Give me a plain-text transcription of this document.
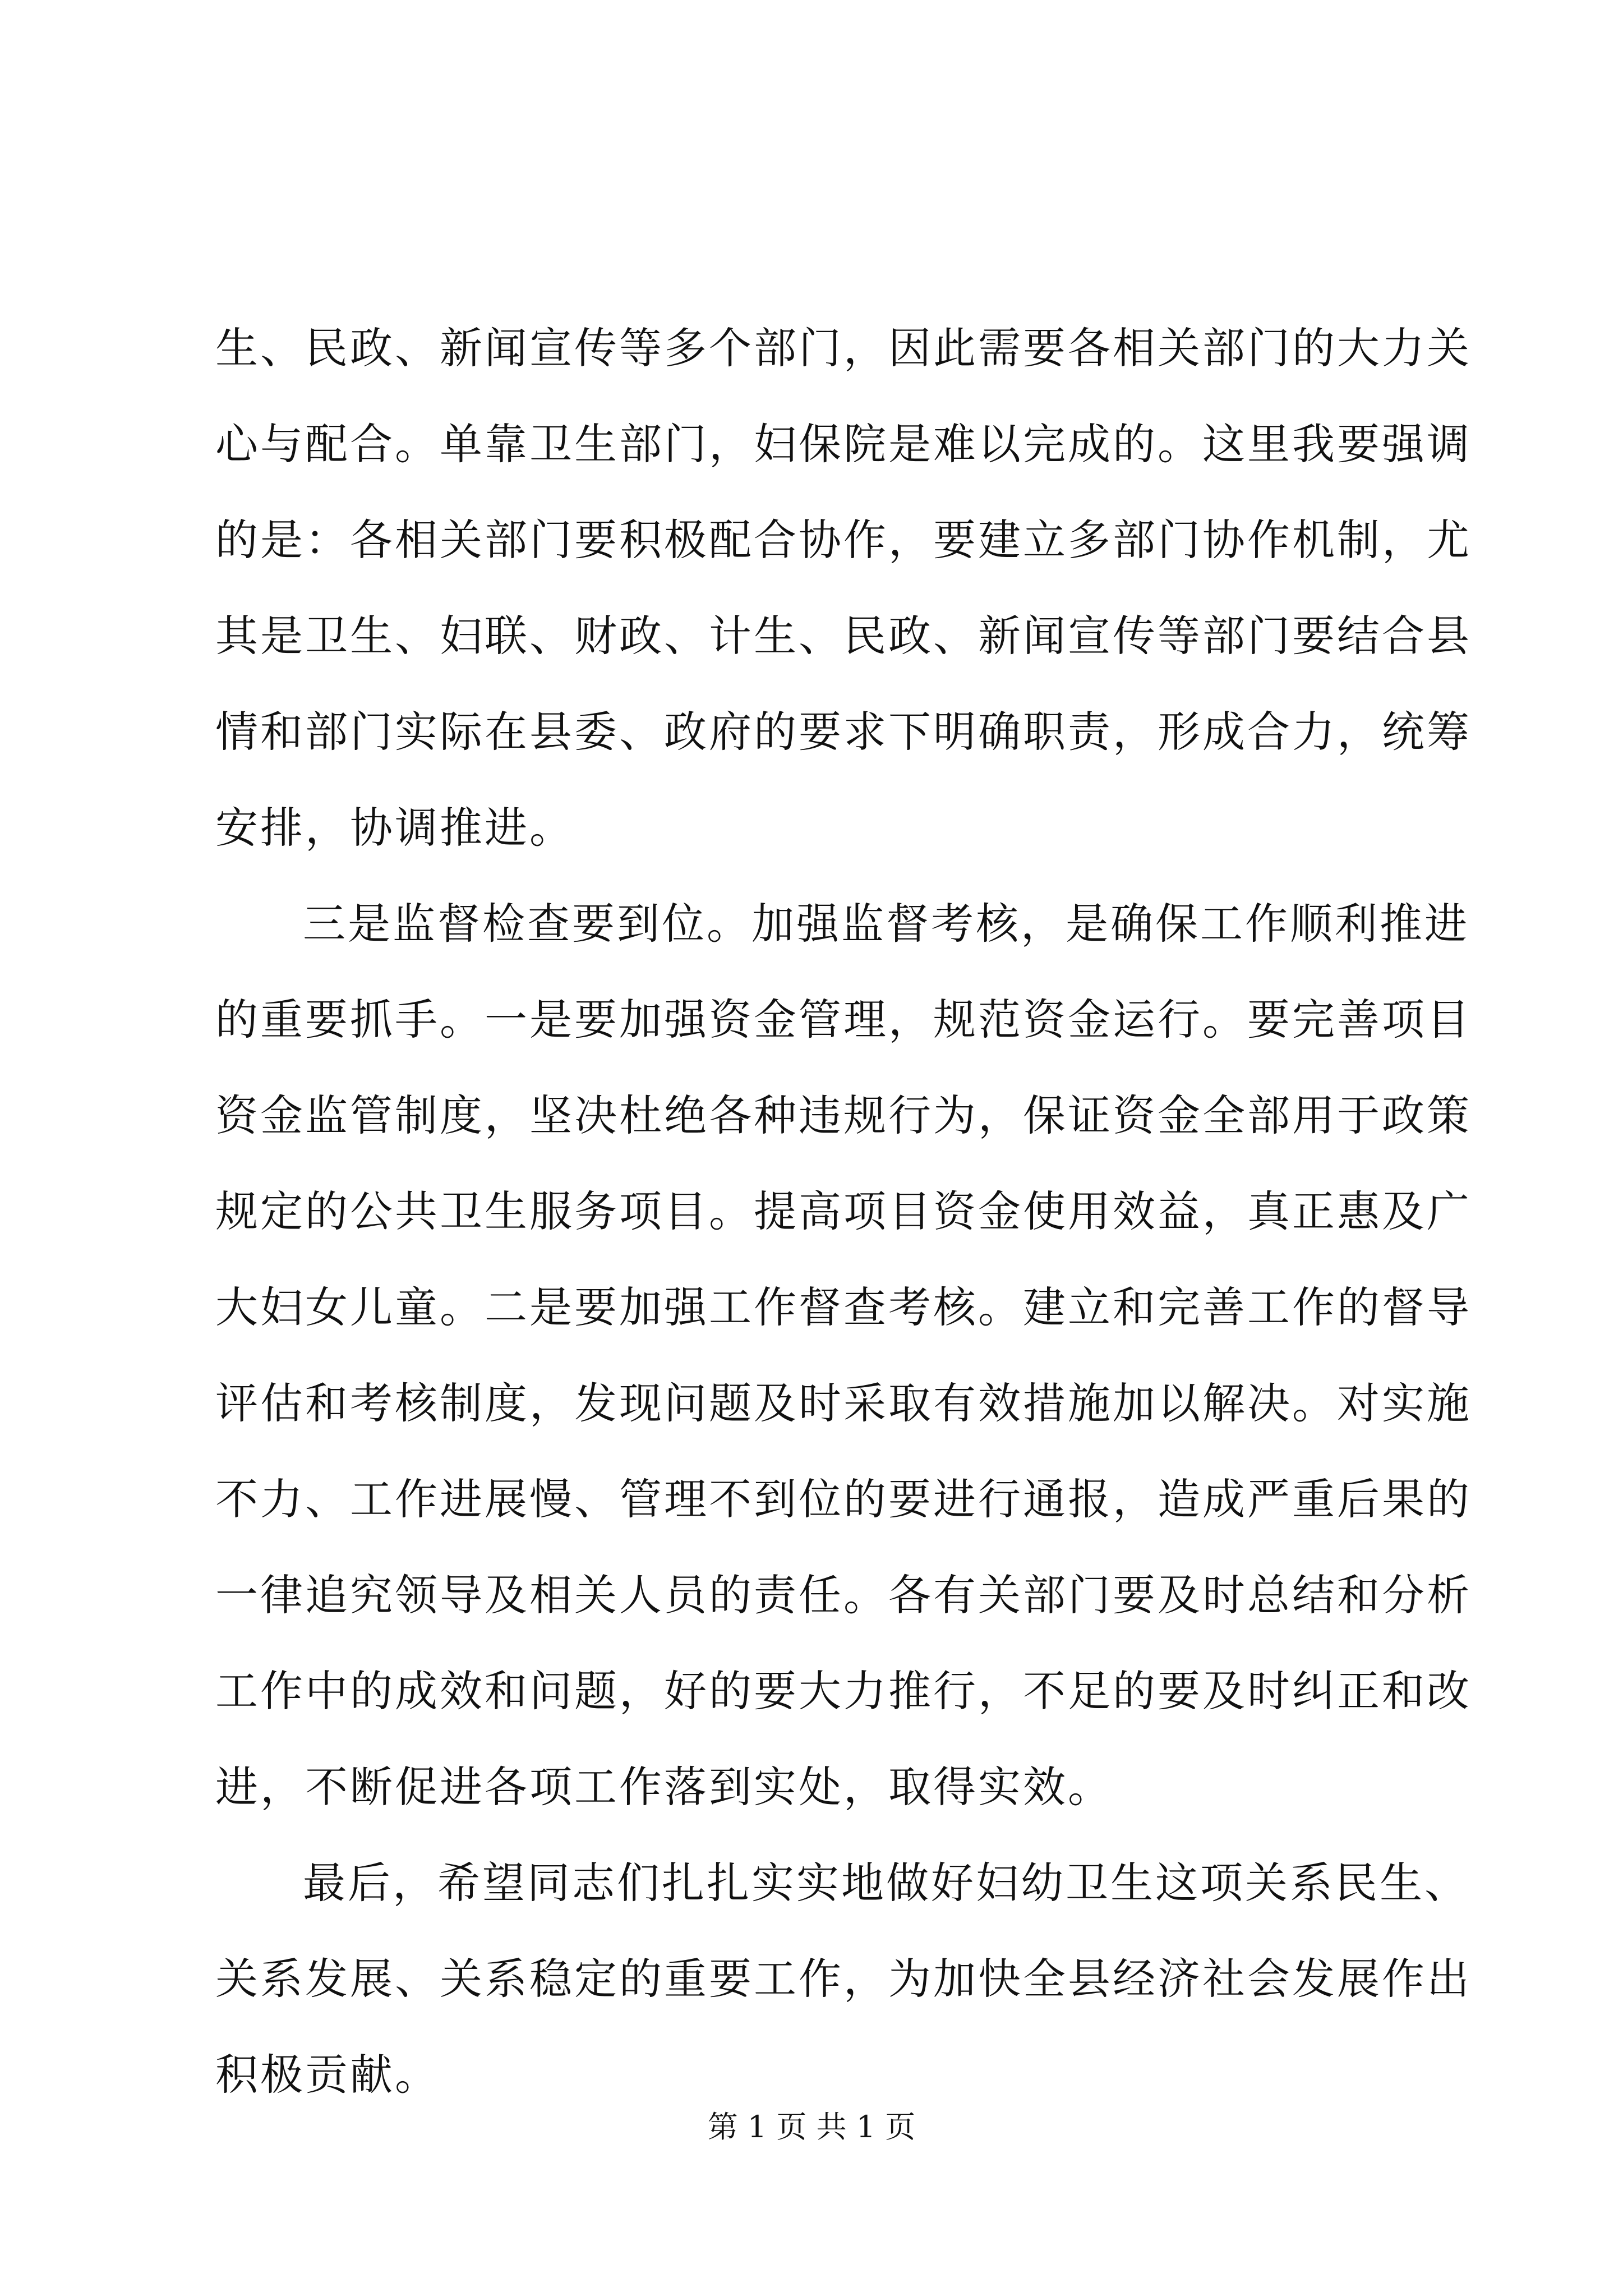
生、民政、新闻宣传等多个部门，因此需要各相关部门的大力关
心与配合。单靠卫生部门，妇保院是难以完成的。这里我要强调
的是：各相关部门要积极配合协作，要建立多部门协作机制，尤
其是卫生、妇联、财政、计生、民政、新闻宣传等部门要结合县
情和部门实际在县委、政府的要求下明确职责，形成合力，统筹
安排，协调推进。
三是监督检查要到位。加强监督考核，是确保工作顺利推进
的重要抓手。一是要加强资金管理，规范资金运行。要完善项目
资金监管制度，坚决杜绝各种违规行为，保证资金全部用于政策
规定的公共卫生服务项目。提高项目资金使用效益，真正惠及广
大妇女儿童。二是要加强工作督查考核。建立和完善工作的督导
评估和考核制度，发现问题及时采取有效措施加以解决。对实施
不力、工作进展慢、管理不到位的要进行通报，造成严重后果的
一律追究领导及相关人员的责任。各有关部门要及时总结和分析
工作中的成效和问题，好的要大力推行，不足的要及时纠正和改
进，不断促进各项工作落到实处，取得实效。
最后，希望同志们扎扎实实地做好妇幼卫生这项关系民生、
关系发展、关系稳定的重要工作，为加快全县经济社会发展作出
积极贡献。
第 1 页 共 1 页
